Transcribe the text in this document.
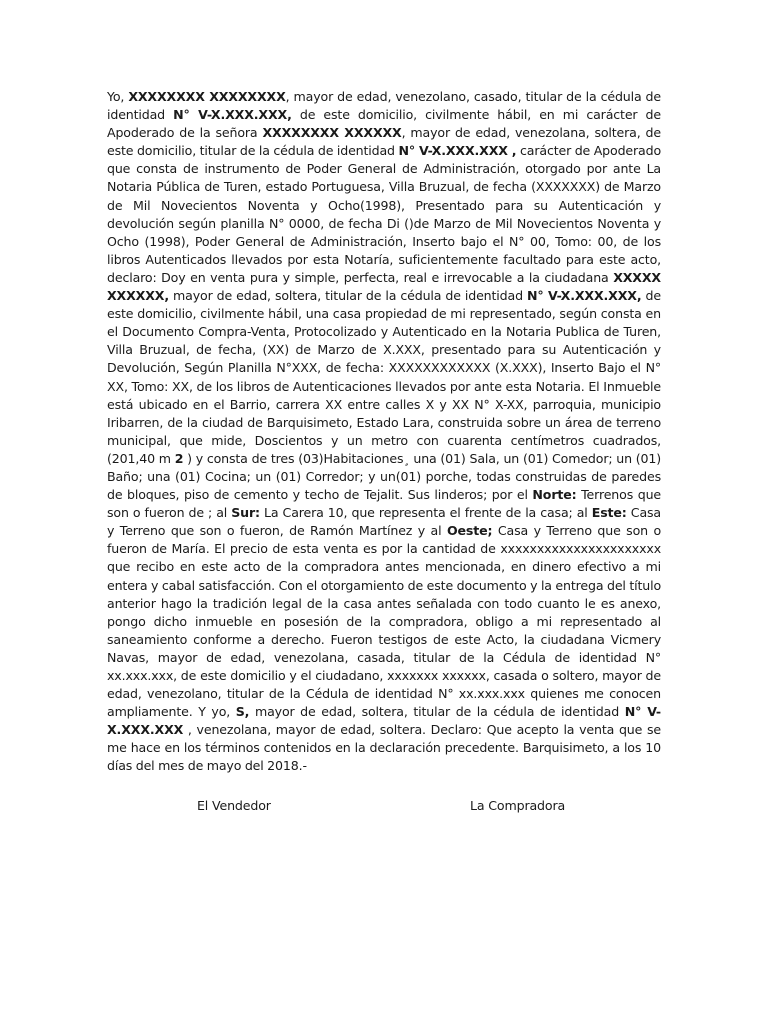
Yo, XXXXXXXX XXXXXXXX, mayor de edad, venezolano, casado, titular de la cédula de identidad N° V-X.XXX.XXX, de este domicilio, civilmente hábil, en mi carácter de Apoderado de la señora XXXXXXXX XXXXXX, mayor de edad, venezolana, soltera, de este domicilio, titular de la cédula de identidad N° V-X.XXX.XXX , carácter de Apoderado que consta de instrumento de Poder General de Administración, otorgado por ante La Notaria Pública de Turen, estado Portuguesa, Villa Bruzual, de fecha (XXXXXXX) de Marzo de Mil Novecientos Noventa y Ocho(1998), Presentado para su Autenticación y devolución según planilla N° 0000, de fecha Di ()de Marzo de Mil Novecientos Noventa y Ocho (1998), Poder General de Administración, Inserto bajo el N° 00, Tomo: 00, de los libros Autenticados llevados por esta Notaría, suficientemente facultado para este acto, declaro: Doy en venta pura y simple, perfecta, real e irrevocable a la ciudadana XXXXX XXXXXX, mayor de edad, soltera, titular de la cédula de identidad N° V-X.XXX.XXX, de este domicilio, civilmente hábil, una casa propiedad de mi representado, según consta en el Documento Compra-Venta, Protocolizado y Autenticado en la Notaria Publica de Turen, Villa Bruzual, de fecha, (XX) de Marzo de X.XXX, presentado para su Autenticación y Devolución, Según Planilla N°XXX, de fecha: XXXXXXXXXXXX (X.XXX), Inserto Bajo el N° XX, Tomo: XX, de los libros de Autenticaciones llevados por ante esta Notaria. El Inmueble está ubicado en el Barrio, carrera XX entre calles X y XX N° X-XX, parroquia, municipio Iribarren, de la ciudad de Barquisimeto, Estado Lara, construida sobre un área de terreno municipal, que mide, Doscientos y un metro con cuarenta centímetros cuadrados, (201,40 m 2 ) y consta de tres (03)Habitaciones¸ una (01) Sala, un (01) Comedor; un (01) Baño; una (01) Cocina; un (01) Corredor; y un(01) porche, todas construidas de paredes de bloques, piso de cemento y techo de Tejalit. Sus linderos; por el Norte: Terrenos que son o fueron de ; al Sur: La Carera 10, que representa el frente de la casa; al Este: Casa y Terreno que son o fueron, de Ramón Martínez y al Oeste; Casa y Terreno que son o fueron de María. El precio de esta venta es por la cantidad de xxxxxxxxxxxxxxxxxxxxxx que recibo en este acto de la compradora antes mencionada, en dinero efectivo a mi entera y cabal satisfacción. Con el otorgamiento de este documento y la entrega del título anterior hago la tradición legal de la casa antes señalada con todo cuanto le es anexo, pongo dicho inmueble en posesión de la compradora, obligo a mi representado al saneamiento conforme a derecho. Fueron testigos de este Acto, la ciudadana Vicmery Navas, mayor de edad, venezolana, casada, titular de la Cédula de identidad N° xx.xxx.xxx, de este domicilio y el ciudadano, xxxxxxx xxxxxx, casada o soltero, mayor de edad, venezolano, titular de la Cédula de identidad N° xx.xxx.xxx quienes me conocen ampliamente. Y yo, S, mayor de edad, soltera, titular de la cédula de identidad N° V-X.XXX.XXX , venezolana, mayor de edad, soltera. Declaro: Que acepto la venta que se me hace en los términos contenidos en la declaración precedente. Barquisimeto, a los 10 días del mes de mayo del 2018.-

El Vendedor	La Compradora
